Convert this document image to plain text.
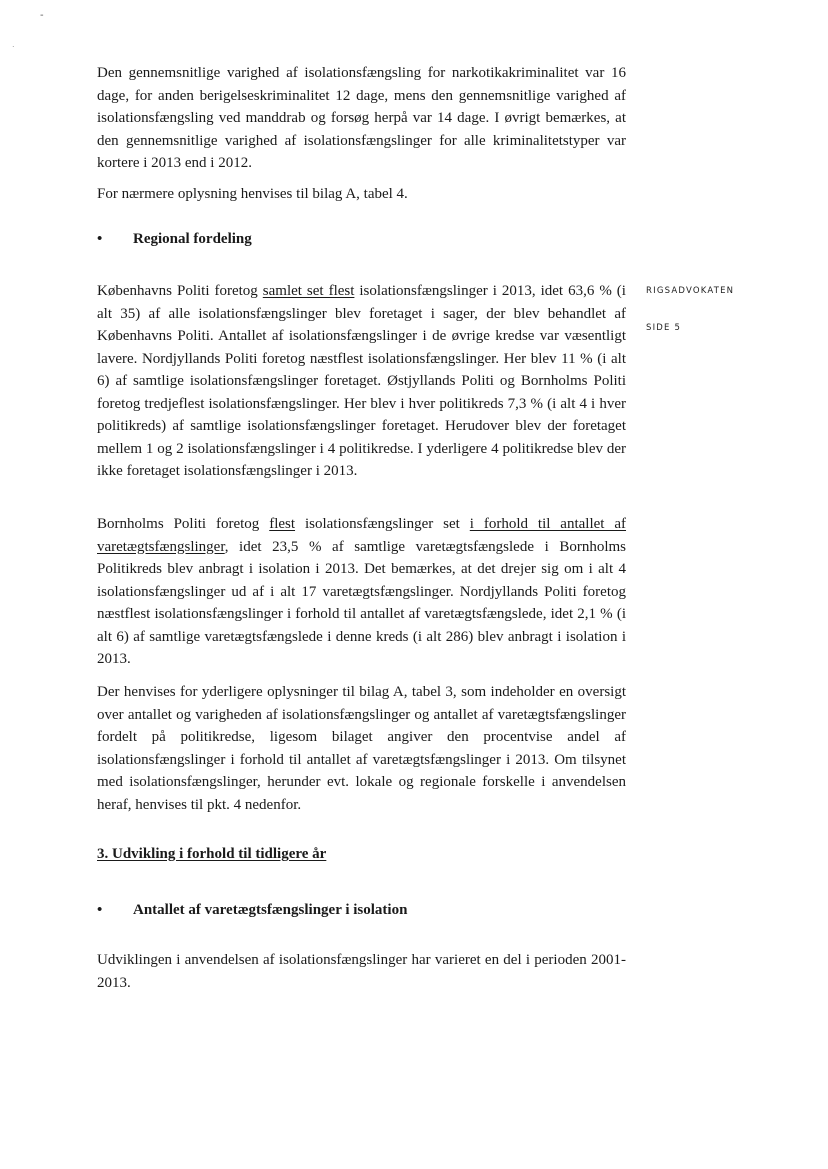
-
.

Den gennemsnitlige varighed af isolationsfængsling for narkotikakriminalitet var 16 dage, for anden berigelseskriminalitet 12 dage, mens den gennemsnitlige varighed af isolationsfængsling ved manddrab og forsøg herpå var 14 dage. I øvrigt bemærkes, at den gennemsnitlige varighed af isolationsfængslinger for alle kriminalitetstyper var kortere i 2013 end i 2012.

For nærmere oplysning henvises til bilag A, tabel 4.

•	Regional fordeling

Københavns Politi foretog samlet set flest isolationsfængslinger i 2013, idet 63,6 % (i alt 35) af alle isolationsfængslinger blev foretaget i sager, der blev behandlet af Københavns Politi. Antallet af isolationsfængslinger i de øvrige kredse var væsentligt lavere. Nordjyllands Politi foretog næstflest isolationsfængslinger. Her blev 11 % (i alt 6) af samtlige isolationsfængslinger foretaget. Østjyllands Politi og Bornholms Politi foretog tredjeflest isolationsfængslinger. Her blev i hver politikreds 7,3 % (i alt 4 i hver politikreds) af samtlige isolationsfængslinger foretaget. Herudover blev der foretaget mellem 1 og 2 isolationsfængslinger i 4 politikredse. I yderligere 4 politikredse blev der ikke foretaget isolationsfængslinger i 2013.

RIGSADVOKATEN
SIDE 5

Bornholms Politi foretog flest isolationsfængslinger set i forhold til antallet af varetægtsfængslinger, idet 23,5 % af samtlige varetægtsfængslede i Bornholms Politikreds blev anbragt i isolation i 2013. Det bemærkes, at det drejer sig om i alt 4 isolationsfængslinger ud af i alt 17 varetægtsfængslinger. Nordjyllands Politi foretog næstflest isolationsfængslinger i forhold til antallet af varetægtsfængslede, idet 2,1 % (i alt 6) af samtlige varetægtsfængslede i denne kreds (i alt 286) blev anbragt i isolation i 2013.

Der henvises for yderligere oplysninger til bilag A, tabel 3, som indeholder en oversigt over antallet og varigheden af isolationsfængslinger og antallet af varetægtsfængslinger fordelt på politikredse, ligesom bilaget angiver den procentvise andel af isolationsfængslinger i forhold til antallet af varetægtsfængslinger i 2013. Om tilsynet med isolationsfængslinger, herunder evt. lokale og regionale forskelle i anvendelsen heraf, henvises til pkt. 4 nedenfor.

3. Udvikling i forhold til tidligere år
•	Antallet af varetægtsfængslinger i isolation

Udviklingen i anvendelsen af isolationsfængslinger har varieret en del i perioden 2001-2013.
